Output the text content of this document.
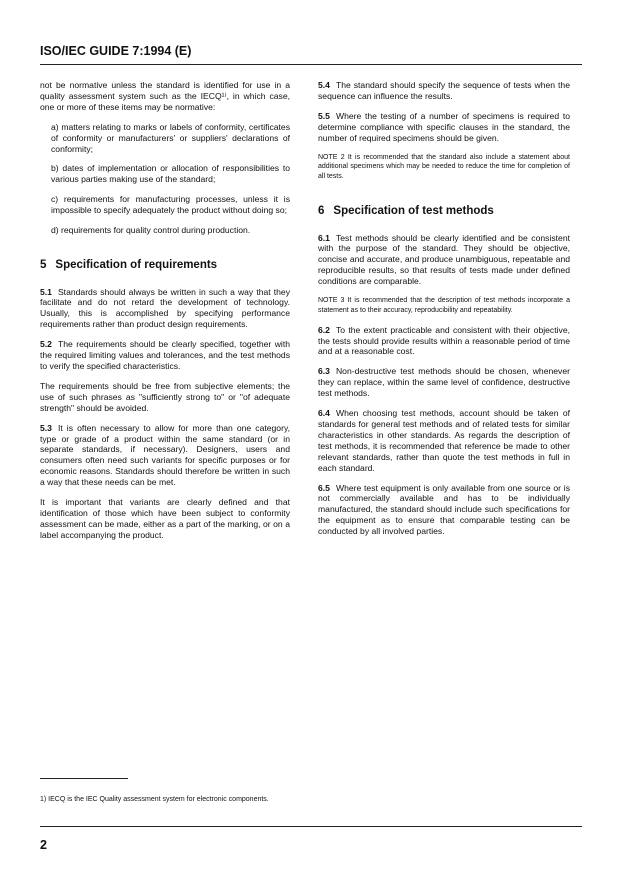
ISO/IEC GUIDE 7:1994 (E)

not be normative unless the standard is identified for use in a quality assessment system such as the IECQ¹⁾, in which case, one or more of these items may be normative:

a) matters relating to marks or labels of conformity, certificates of conformity or manufacturers' or suppliers' declarations of conformity;

b) dates of implementation or allocation of responsibilities to various parties making use of the standard;

c) requirements for manufacturing processes, unless it is impossible to specify adequately the product without doing so;

d) requirements for quality control during production.

5 Specification of requirements

5.1 Standards should always be written in such a way that they facilitate and do not retard the development of technology. Usually, this is accomplished by specifying performance requirements rather than product design requirements.

5.2 The requirements should be clearly specified, together with the required limiting values and tolerances, and the test methods to verify the specified characteristics.

The requirements should be free from subjective elements; the use of such phrases as "sufficiently strong to" or "of adequate strength" should be avoided.

5.3 It is often necessary to allow for more than one category, type or grade of a product within the same standard (or in separate standards, if necessary). Designers, users and consumers often need such variants for specific purposes or for economic reasons. Standards should therefore be written in such a way that these needs can be met.

It is important that variants are clearly defined and that identification of those which have been subject to conformity assessment can be made, either as a part of the marking, or on a label accompanying the product.

5.4 The standard should specify the sequence of tests when the sequence can influence the results.

5.5 Where the testing of a number of specimens is required to determine compliance with specific clauses in the standard, the number of required specimens should be given.

NOTE 2 It is recommended that the standard also include a statement about additional specimens which may be needed to reduce the time for completion of all tests.

6 Specification of test methods

6.1 Test methods should be clearly identified and be consistent with the purpose of the standard. They should be objective, concise and accurate, and produce unambiguous, repeatable and reproducible results, so that results of tests made under defined conditions are comparable.

NOTE 3 It is recommended that the description of test methods incorporate a statement as to their accuracy, reproducibility and repeatability.

6.2 To the extent practicable and consistent with their objective, the tests should provide results within a reasonable period of time and at a reasonable cost.

6.3 Non-destructive test methods should be chosen, whenever they can replace, within the same level of confidence, destructive test methods.

6.4 When choosing test methods, account should be taken of standards for general test methods and of related tests for similar characteristics in other standards. As regards the description of test methods, it is recommended that reference be made to other relevant standards, rather than quote the test methods in full in each standard.

6.5 Where test equipment is only available from one source or is not commercially available and has to be individually manufactured, the standard should include such specifications for the equipment as to ensure that comparable testing can be conducted by all involved parties.

1) IECQ is the IEC Quality assessment system for electronic components.
2
